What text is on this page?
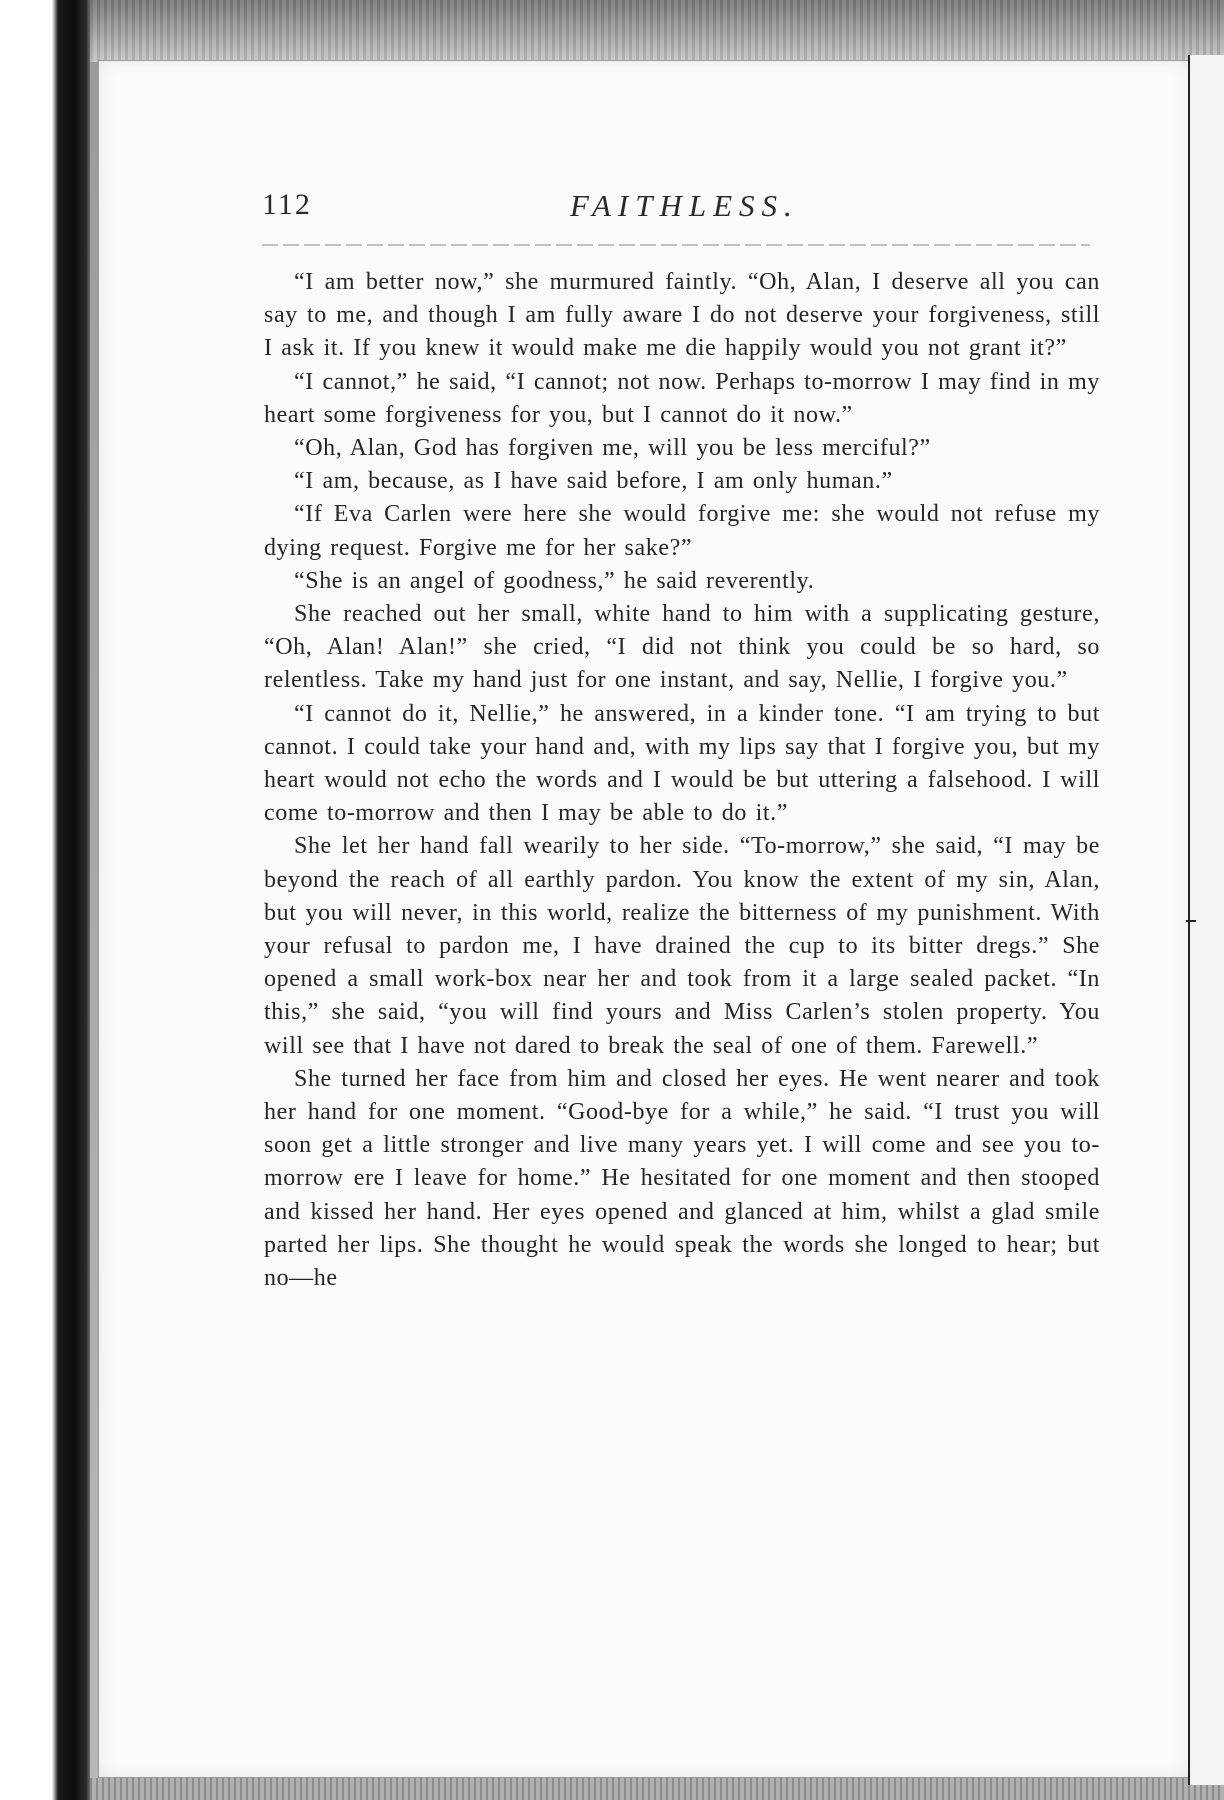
112	FAITHLESS.

“I am better now,” she murmured faintly. “Oh, Alan, I deserve all you can say to me, and though I am fully aware I do not deserve your forgiveness, still I ask it. If you knew it would make me die happily would you not grant it?”

“I cannot,” he said, “I cannot; not now. Perhaps to-morrow I may find in my heart some forgiveness for you, but I cannot do it now.”

“Oh, Alan, God has forgiven me, will you be less merciful?”

“I am, because, as I have said before, I am only human.”

“If Eva Carlen were here she would forgive me: she would not refuse my dying request. Forgive me for her sake?”

“She is an angel of goodness,” he said reverently.

She reached out her small, white hand to him with a supplicating gesture, “Oh, Alan! Alan!” she cried, “I did not think you could be so hard, so relentless. Take my hand just for one instant, and say, Nellie, I forgive you.”

“I cannot do it, Nellie,” he answered, in a kinder tone. “I am trying to but cannot. I could take your hand and, with my lips say that I forgive you, but my heart would not echo the words and I would be but uttering a falsehood. I will come to-morrow and then I may be able to do it.”

She let her hand fall wearily to her side. “To-morrow,” she said, “I may be beyond the reach of all earthly pardon. You know the extent of my sin, Alan, but you will never, in this world, realize the bitterness of my punishment. With your refusal to pardon me, I have drained the cup to its bitter dregs.” She opened a small work-box near her and took from it a large sealed packet. “In this,” she said, “you will find yours and Miss Carlen’s stolen property. You will see that I have not dared to break the seal of one of them. Farewell.”

She turned her face from him and closed her eyes. He went nearer and took her hand for one moment. “Good-bye for a while,” he said. “I trust you will soon get a little stronger and live many years yet. I will come and see you to-morrow ere I leave for home.” He hesitated for one moment and then stooped and kissed her hand. Her eyes opened and glanced at him, whilst a glad smile parted her lips. She thought he would speak the words she longed to hear; but no—he
